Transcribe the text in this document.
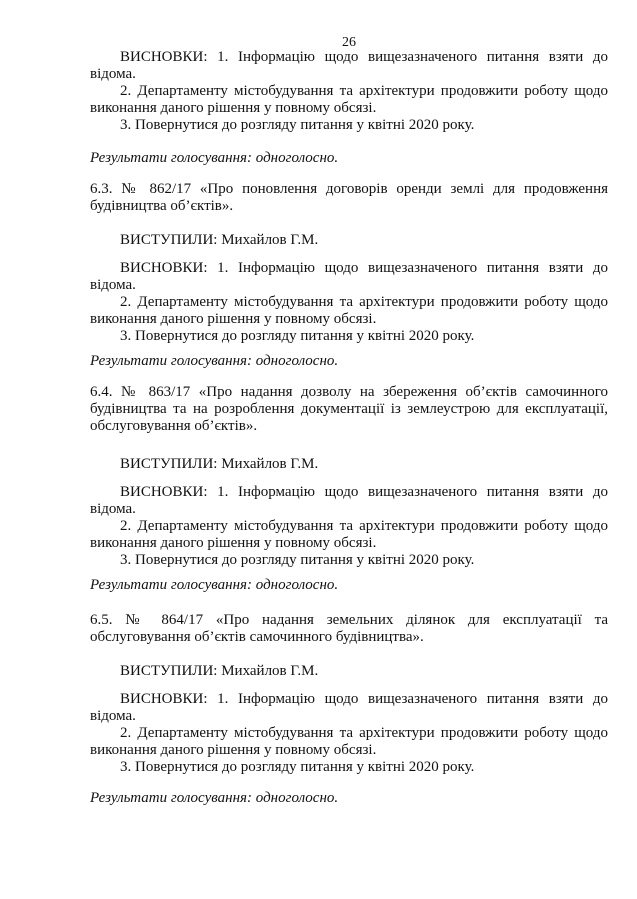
26

ВИСНОВКИ: 1. Інформацію щодо вищезазначеного питання взяти до відома.

2. Департаменту містобудування та архітектури продовжити роботу щодо виконання даного рішення у повному обсязі.

3. Повернутися до розгляду питання у квітні 2020 року.

Результати голосування: одноголосно.

6.3. № 862/17 «Про поновлення договорів оренди землі для продовження будівництва об’єктів».

ВИСТУПИЛИ: Михайлов Г.М.

ВИСНОВКИ: 1. Інформацію щодо вищезазначеного питання взяти до відома.

2. Департаменту містобудування та архітектури продовжити роботу щодо виконання даного рішення у повному обсязі.

3. Повернутися до розгляду питання у квітні 2020 року.

Результати голосування: одноголосно.

6.4. № 863/17 «Про надання дозволу на збереження об’єктів самочинного будівництва та на розроблення документації із землеустрою для експлуатації, обслуговування об’єктів».

ВИСТУПИЛИ: Михайлов Г.М.

ВИСНОВКИ: 1. Інформацію щодо вищезазначеного питання взяти до відома.

2. Департаменту містобудування та архітектури продовжити роботу щодо виконання даного рішення у повному обсязі.

3. Повернутися до розгляду питання у квітні 2020 року.

Результати голосування: одноголосно.

6.5. № 864/17 «Про надання земельних ділянок для експлуатації та обслуговування об’єктів самочинного будівництва».

ВИСТУПИЛИ: Михайлов Г.М.

ВИСНОВКИ: 1. Інформацію щодо вищезазначеного питання взяти до відома.

2. Департаменту містобудування та архітектури продовжити роботу щодо виконання даного рішення у повному обсязі.

3. Повернутися до розгляду питання у квітні 2020 року.

Результати голосування: одноголосно.
